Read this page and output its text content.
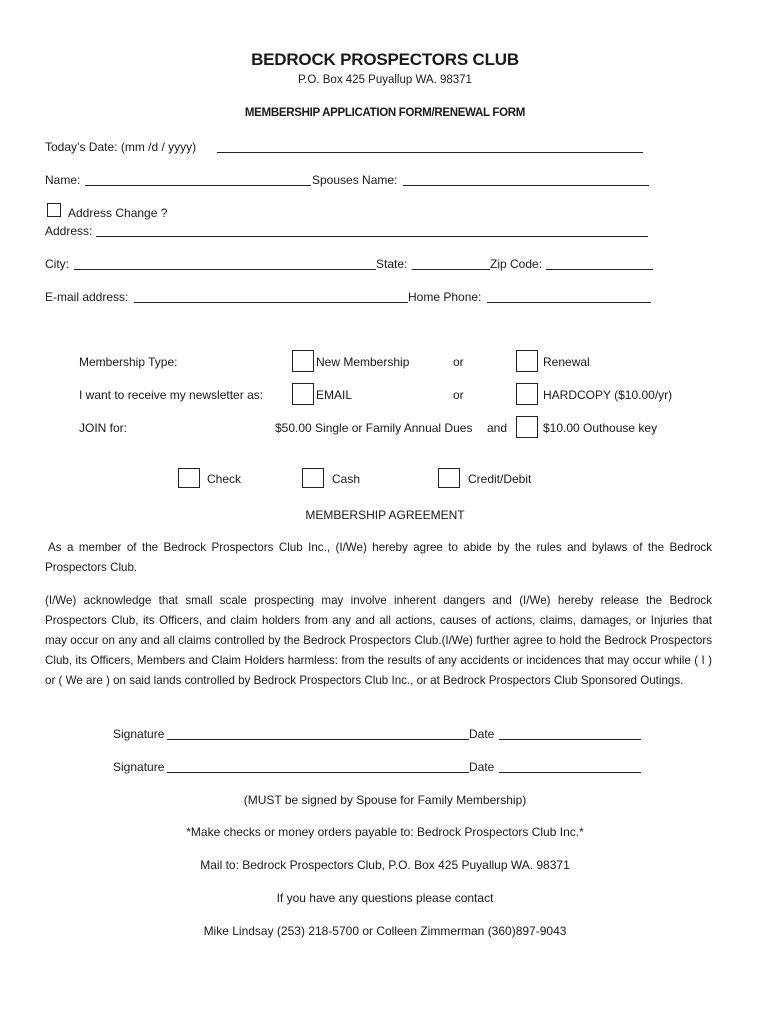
BEDROCK PROSPECTORS CLUB
P.O. Box 425 Puyallup WA. 98371
MEMBERSHIP APPLICATION FORM/RENEWAL FORM
Today’s Date: (mm /d / yyyy)
Name:	Spouses Name:
Address Change ?
Address:
City:	State:	Zip Code:
E-mail address:	Home Phone:
Membership Type:	New Membership	or	Renewal
I want to receive my newsletter as:	EMAIL	or	HARDCOPY ($10.00/yr)
JOIN for:	$50.00 Single or Family Annual Dues and	$10.00 Outhouse key
Check	Cash	Credit/Debit
MEMBERSHIP AGREEMENT
As a member of the Bedrock Prospectors Club Inc., (I/We) hereby agree to abide by the rules and bylaws of the Bedrock Prospectors Club.
(I/We) acknowledge that small scale prospecting may involve inherent dangers and (I/We) hereby release the Bedrock Prospectors Club, its Officers, and claim holders from any and all actions, causes of actions, claims, damages, or Injuries that may occur on any and all claims controlled by the Bedrock Prospectors Club.(I/We) further agree to hold the Bedrock Prospectors Club, its Officers, Members and Claim Holders harmless: from the results of any accidents or incidences that may occur while ( I ) or ( We are ) on said lands controlled by Bedrock Prospectors Club Inc., or at Bedrock Prospectors Club Sponsored Outings.
Signature	Date
Signature	Date
(MUST be signed by Spouse for Family Membership)
*Make checks or money orders payable to: Bedrock Prospectors Club Inc.*
Mail to: Bedrock Prospectors Club, P.O. Box 425 Puyallup WA. 98371
If you have any questions please contact
Mike Lindsay (253) 218-5700 or Colleen Zimmerman (360)897-9043
